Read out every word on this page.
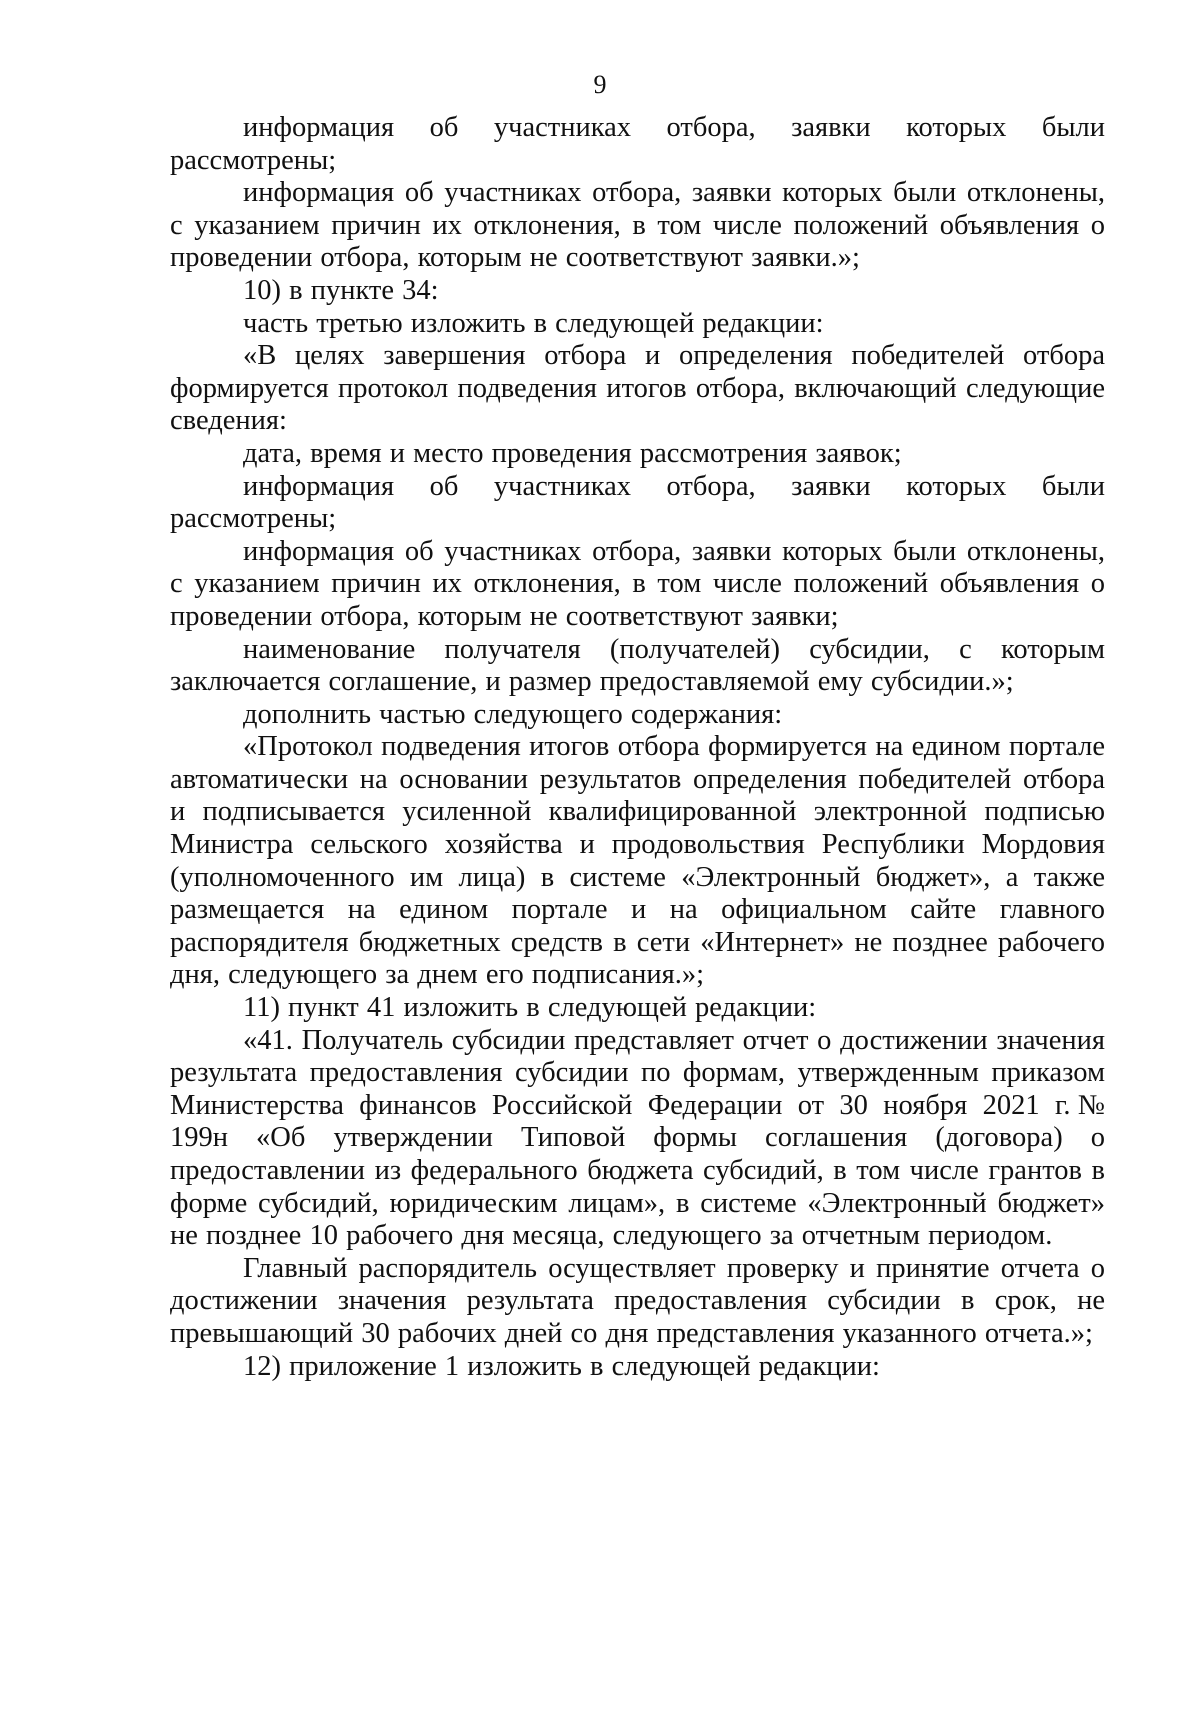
9

информация об участниках отбора, заявки которых были рассмотрены;

информация об участниках отбора, заявки которых были отклонены, с указанием причин их отклонения, в том числе положений объявления о проведении отбора, которым не соответствуют заявки.»;

10) в пункте 34:

часть третью изложить в следующей редакции:

«В целях завершения отбора и определения победителей отбора формируется протокол подведения итогов отбора, включающий следующие сведения:

дата, время и место проведения рассмотрения заявок;

информация об участниках отбора, заявки которых были рассмотрены;

информация об участниках отбора, заявки которых были отклонены, с указанием причин их отклонения, в том числе положений объявления о проведении отбора, которым не соответствуют заявки;

наименование получателя (получателей) субсидии, с которым заключается соглашение, и размер предоставляемой ему субсидии.»;

дополнить частью следующего содержания:

«Протокол подведения итогов отбора формируется на едином портале автоматически на основании результатов определения победителей отбора и подписывается усиленной квалифицированной электронной подписью Министра сельского хозяйства и продовольствия Республики Мордовия (уполномоченного им лица) в системе «Электронный бюджет», а также размещается на едином портале и на официальном сайте главного распорядителя бюджетных средств в сети «Интернет» не позднее рабочего дня, следующего за днем его подписания.»;

11) пункт 41 изложить в следующей редакции:

«41. Получатель субсидии представляет отчет о достижении значения результата предоставления субсидии по формам, утвержденным приказом Министерства финансов Российской Федерации от 30 ноября 2021 г.№ 199н «Об утверждении Типовой формы соглашения (договора) о предоставлении из федерального бюджета субсидий, в том числе грантов в форме субсидий, юридическим лицам», в системе «Электронный бюджет» не позднее 10 рабочего дня месяца, следующего за отчетным периодом.

Главный распорядитель осуществляет проверку и принятие отчета о достижении значения результата предоставления субсидии в срок, не превышающий 30 рабочих дней со дня представления указанного отчета.»;

12) приложение 1 изложить в следующей редакции:
